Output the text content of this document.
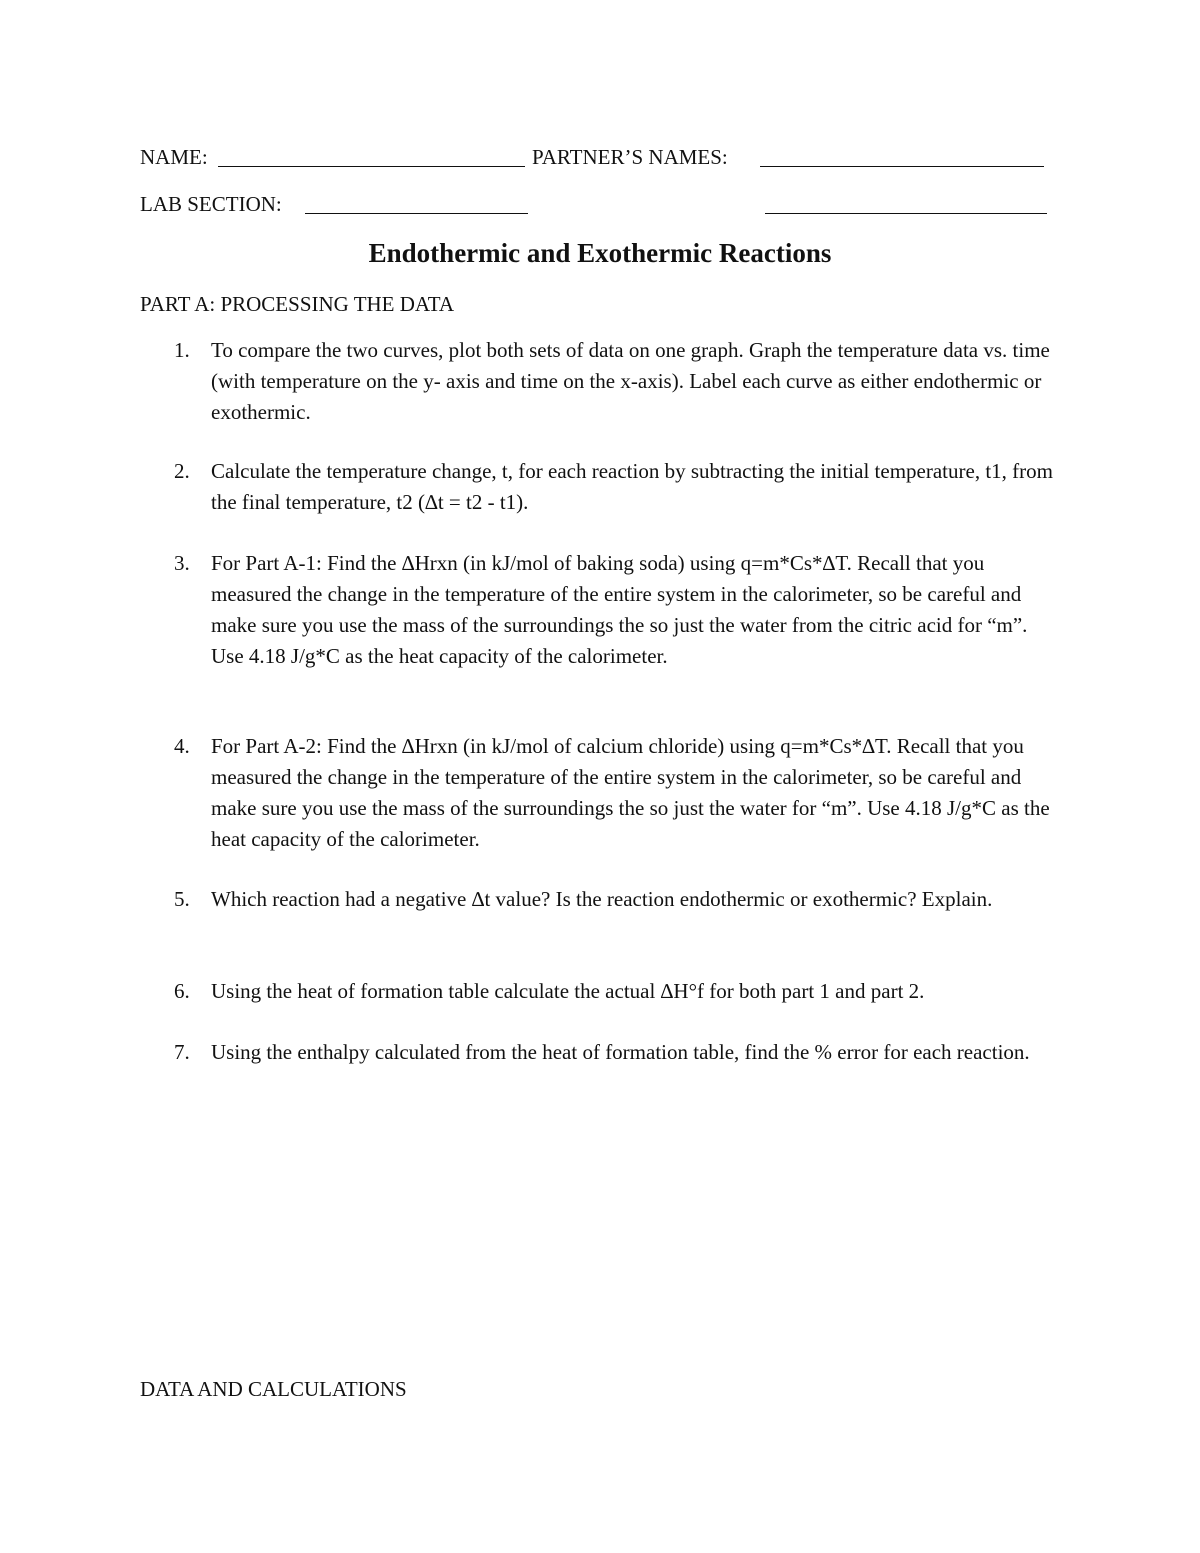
NAME:	PARTNER’S NAMES:
LAB SECTION:
Endothermic and Exothermic Reactions
PART A: PROCESSING THE DATA
1. To compare the two curves, plot both sets of data on one graph. Graph the temperature data vs. time (with temperature on the y- axis and time on the x-axis). Label each curve as either endothermic or exothermic.
2. Calculate the temperature change, t, for each reaction by subtracting the initial temperature, t1, from the final temperature, t2 (∆t = t2 - t1).
3. For Part A-1: Find the ∆Hrxn (in kJ/mol of baking soda) using q=m*Cs*∆T. Recall that you measured the change in the temperature of the entire system in the calorimeter, so be careful and make sure you use the mass of the surroundings the so just the water from the citric acid for “m”. Use 4.18 J/g*C as the heat capacity of the calorimeter.
4. For Part A-2: Find the ∆Hrxn (in kJ/mol of calcium chloride) using q=m*Cs*∆T. Recall that you measured the change in the temperature of the entire system in the calorimeter, so be careful and make sure you use the mass of the surroundings the so just the water for “m”. Use 4.18 J/g*C as the heat capacity of the calorimeter.
5. Which reaction had a negative ∆t value? Is the reaction endothermic or exothermic? Explain.
6. Using the heat of formation table calculate the actual ∆H°f for both part 1 and part 2.
7. Using the enthalpy calculated from the heat of formation table, find the % error for each reaction.
DATA AND CALCULATIONS
